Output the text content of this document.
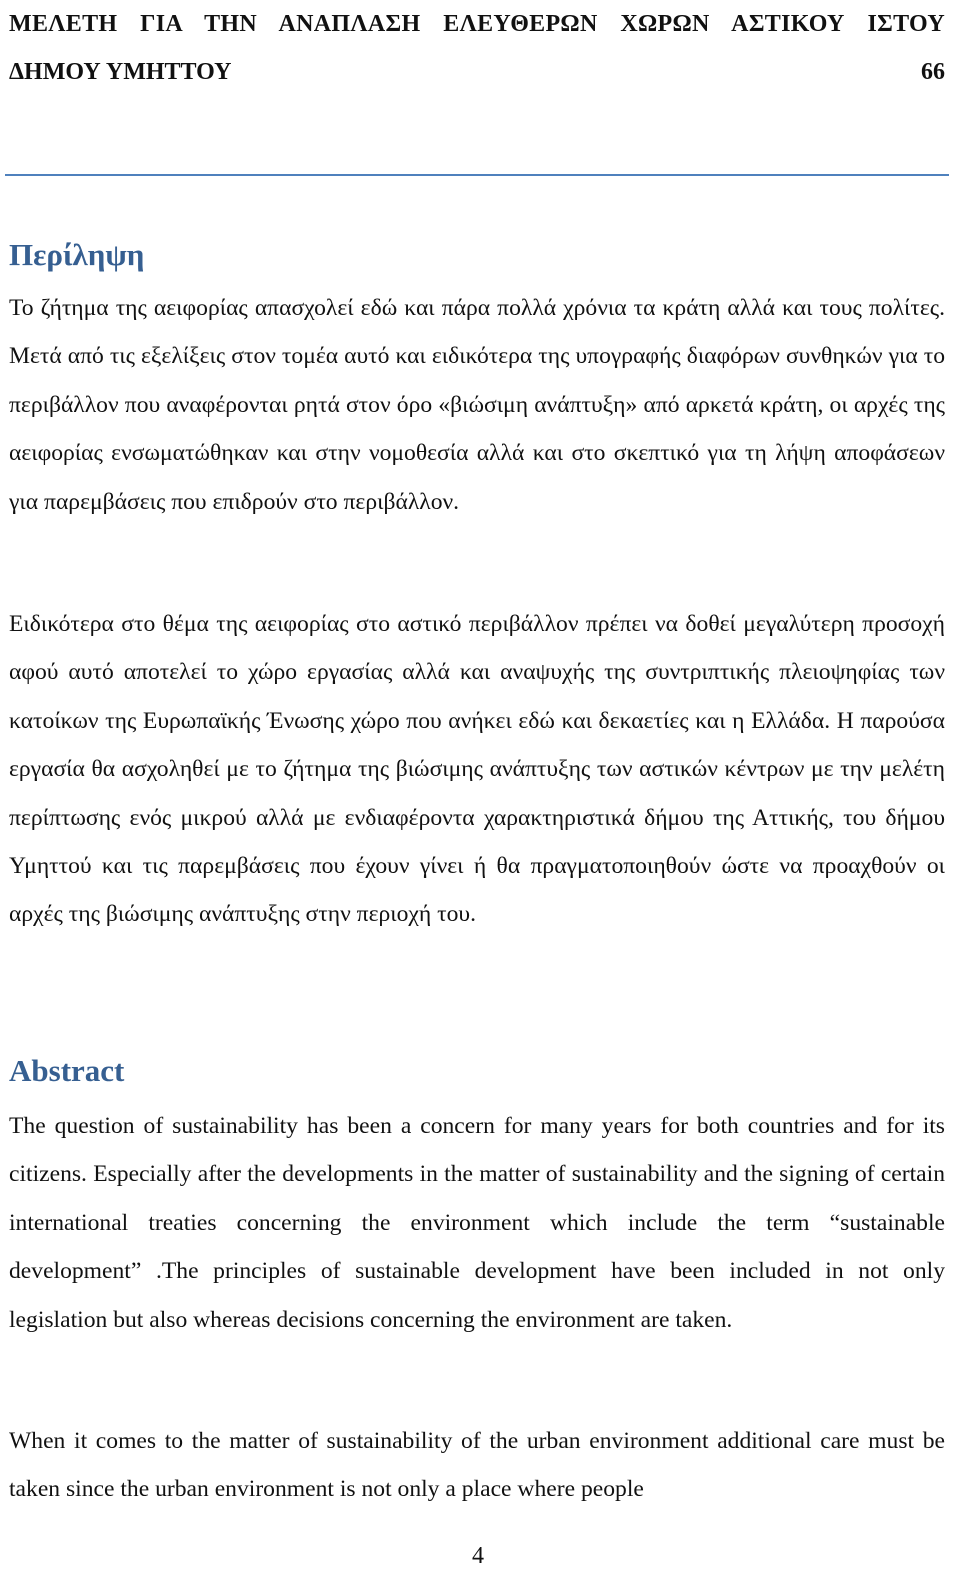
ΜΕΛΕΤΗ ΓΙΑ ΤΗΝ ΑΝΑΠΛΑΣΗ ΕΛΕΥΘΕΡΩΝ ΧΩΡΩΝ ΑΣΤΙΚΟΥ ΙΣΤΟΥ
ΔΗΜΟΥ ΥΜΗΤΤΟΥ	66
Περίληψη

Το ζήτημα της αειφορίας απασχολεί εδώ και πάρα πολλά χρόνια τα κράτη αλλά και τους πολίτες. Μετά από τις εξελίξεις στον τομέα αυτό και ειδικότερα της υπογραφής διαφόρων συνθηκών για το περιβάλλον που αναφέρονται ρητά στον όρο «βιώσιμη ανάπτυξη» από αρκετά κράτη, οι αρχές της αειφορίας ενσωματώθηκαν και στην νομοθεσία αλλά και στο σκεπτικό για τη λήψη αποφάσεων για παρεμβάσεις που επιδρούν στο περιβάλλον.

Ειδικότερα στο θέμα της αειφορίας στο αστικό περιβάλλον πρέπει να δοθεί μεγαλύτερη προσοχή αφού αυτό αποτελεί το χώρο εργασίας αλλά και αναψυχής της συντριπτικής πλειοψηφίας των κατοίκων της Ευρωπαϊκής Ένωσης χώρο που ανήκει εδώ και δεκαετίες και η Ελλάδα. Η παρούσα εργασία θα ασχοληθεί με το ζήτημα της βιώσιμης ανάπτυξης των αστικών κέντρων με την μελέτη περίπτωσης ενός μικρού αλλά με ενδιαφέροντα χαρακτηριστικά δήμου της Αττικής, του δήμου Υμηττού και τις παρεμβάσεις που έχουν γίνει ή θα πραγματοποιηθούν ώστε να προαχθούν οι αρχές της βιώσιμης ανάπτυξης στην περιοχή του.

Abstract

The question of sustainability has been a concern for many years for both countries and for its citizens. Especially after the developments in the matter of sustainability and the signing of certain international treaties concerning the environment which include the term “sustainable development” .The principles of sustainable development have been included in not only legislation but also whereas decisions concerning the environment are taken.

When it comes to the matter of sustainability of the urban environment additional care must be taken since the urban environment is not only a place where people

4
